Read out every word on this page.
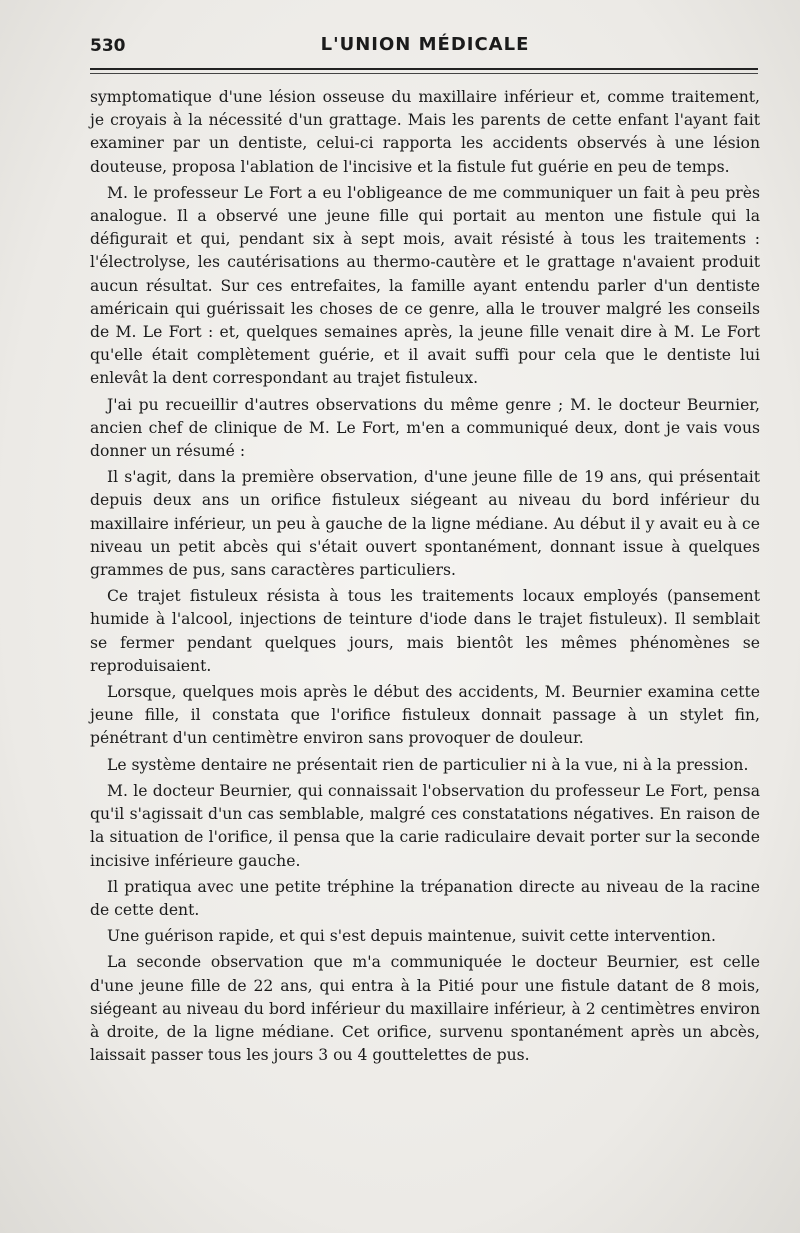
530	L'UNION MÉDICALE

symptomatique d'une lésion osseuse du maxillaire inférieur et, comme traitement, je croyais à la nécessité d'un grattage. Mais les parents de cette enfant l'ayant fait examiner par un dentiste, celui-ci rapporta les accidents observés à une lésion douteuse, proposa l'ablation de l'incisive et la fistule fut guérie en peu de temps.

M. le professeur Le Fort a eu l'obligeance de me communiquer un fait à peu près analogue. Il a observé une jeune fille qui portait au menton une fistule qui la défigurait et qui, pendant six à sept mois, avait résisté à tous les traitements : l'électrolyse, les cautérisations au thermo-cautère et le grattage n'avaient produit aucun résultat. Sur ces entrefaites, la famille ayant entendu parler d'un dentiste américain qui guérissait les choses de ce genre, alla le trouver malgré les conseils de M. Le Fort : et, quelques semaines après, la jeune fille venait dire à M. Le Fort qu'elle était complètement guérie, et il avait suffi pour cela que le dentiste lui enlevât la dent correspondant au trajet fistuleux.

J'ai pu recueillir d'autres observations du même genre ; M. le docteur Beurnier, ancien chef de clinique de M. Le Fort, m'en a communiqué deux, dont je vais vous donner un résumé :

Il s'agit, dans la première observation, d'une jeune fille de 19 ans, qui présentait depuis deux ans un orifice fistuleux siégeant au niveau du bord inférieur du maxillaire inférieur, un peu à gauche de la ligne médiane. Au début il y avait eu à ce niveau un petit abcès qui s'était ouvert spontanément, donnant issue à quelques grammes de pus, sans caractères particuliers.

Ce trajet fistuleux résista à tous les traitements locaux employés (pansement humide à l'alcool, injections de teinture d'iode dans le trajet fistuleux). Il semblait se fermer pendant quelques jours, mais bientôt les mêmes phénomènes se reproduisaient.

Lorsque, quelques mois après le début des accidents, M. Beurnier examina cette jeune fille, il constata que l'orifice fistuleux donnait passage à un stylet fin, pénétrant d'un centimètre environ sans provoquer de douleur.

Le système dentaire ne présentait rien de particulier ni à la vue, ni à la pression.

M. le docteur Beurnier, qui connaissait l'observation du professeur Le Fort, pensa qu'il s'agissait d'un cas semblable, malgré ces constatations négatives. En raison de la situation de l'orifice, il pensa que la carie radiculaire devait porter sur la seconde incisive inférieure gauche.

Il pratiqua avec une petite tréphine la trépanation directe au niveau de la racine de cette dent.

Une guérison rapide, et qui s'est depuis maintenue, suivit cette intervention.

La seconde observation que m'a communiquée le docteur Beurnier, est celle d'une jeune fille de 22 ans, qui entra à la Pitié pour une fistule datant de 8 mois, siégeant au niveau du bord inférieur du maxillaire inférieur, à 2 centimètres environ à droite, de la ligne médiane. Cet orifice, survenu spontanément après un abcès, laissait passer tous les jours 3 ou 4 gouttelettes de pus.
